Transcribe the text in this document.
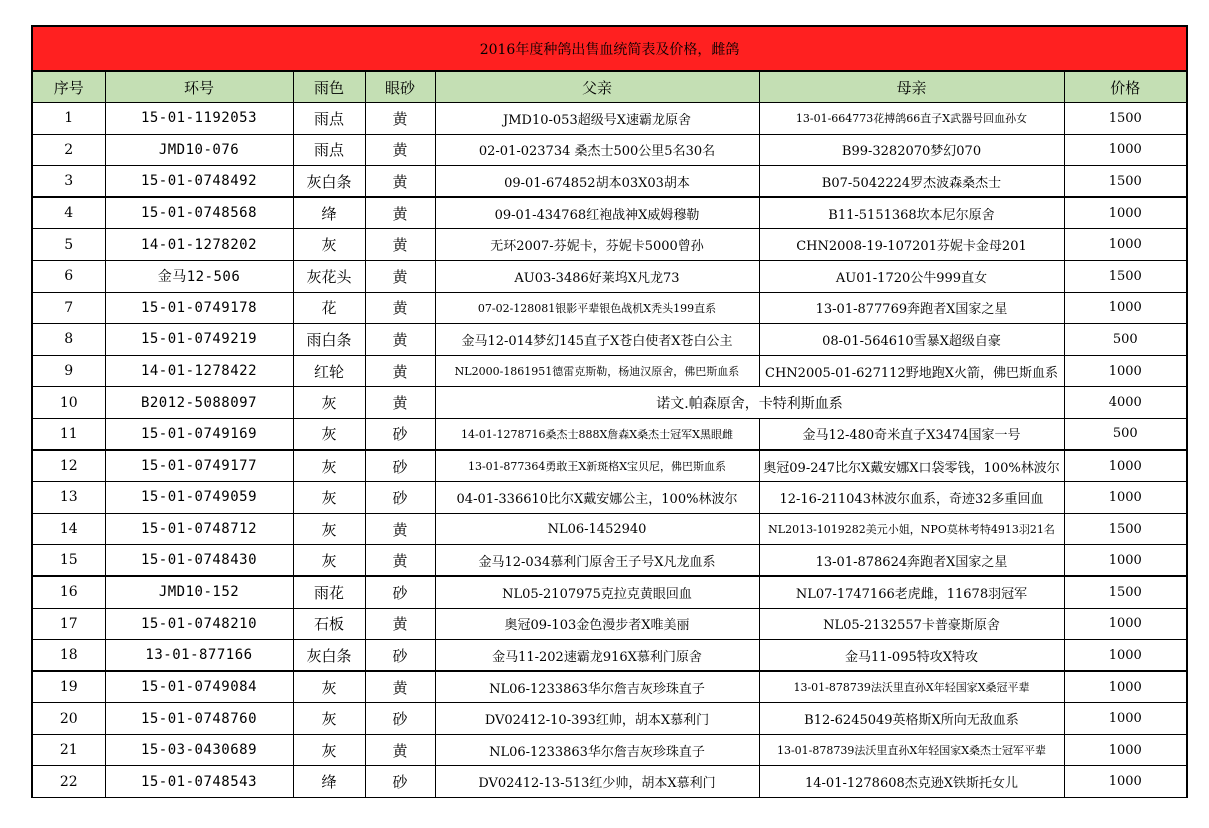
2016年度种鸽出售血统简表及价格，雌鸽						
序号	环号	雨色	眼砂	父亲	母亲	价格
1	15-01-1192053	雨点	黄	JMD10-053超级号X速霸龙原舍	13-01-664773花搏鸽66直子X武器号回血孙女	1500
2	JMD10-076	雨点	黄	02-01-023734 桑杰士500公里5名30名	B99-3282070梦幻070	1000
3	15-01-0748492	灰白条	黄	09-01-674852胡本03X03胡本	B07-5042224罗杰波森桑杰士	1500
4	15-01-0748568	绛	黄	09-01-434768红袍战神X威姆穆勒	B11-5151368坎本尼尔原舍	1000
5	14-01-1278202	灰	黄	无环2007-芬妮卡，芬妮卡5000曾孙	CHN2008-19-107201芬妮卡金母201	1000
6	金马12-506	灰花头	黄	AU03-3486好莱坞X凡龙73	AU01-1720公牛999直女	1500
7	15-01-0749178	花	黄	07-02-128081银影平辈银色战机X秃头199直系	13-01-877769奔跑者X国家之星	1000
8	15-01-0749219	雨白条	黄	金马12-014梦幻145直子X苍白使者X苍白公主	08-01-564610雪暴X超级自豪	500
9	14-01-1278422	红轮	黄	NL2000-1861951德雷克斯勒，杨迪汉原舍，佛巴斯血系	CHN2005-01-627112野地跑X火箭，佛巴斯血系	1000
10	B2012-5088097	灰	黄	诺文.帕森原舍，卡特利斯血系		4000
11	15-01-0749169	灰	砂	14-01-1278716桑杰士888X詹森X桑杰士冠军X黑眼雌	金马12-480奇米直子X3474国家一号	500
12	15-01-0749177	灰	砂	13-01-877364勇敢王X新斑格X宝贝尼，佛巴斯血系	奥冠09-247比尔X戴安娜X口袋零钱，100%林波尔	1000
13	15-01-0749059	灰	砂	04-01-336610比尔X戴安娜公主，100%林波尔	12-16-211043林波尔血系，奇迹32多重回血	1000
14	15-01-0748712	灰	黄	NL06-1452940	NL2013-1019282美元小姐，NPO莫林考特4913羽21名	1500
15	15-01-0748430	灰	黄	金马12-034慕利门原舍王子号X凡龙血系	13-01-878624奔跑者X国家之星	1000
16	JMD10-152	雨花	砂	NL05-2107975克拉克黄眼回血	NL07-1747166老虎雌，11678羽冠军	1500
17	15-01-0748210	石板	黄	奥冠09-103金色漫步者X唯美丽	NL05-2132557卡普豪斯原舍	1000
18	13-01-877166	灰白条	砂	金马11-202速霸龙916X慕利门原舍	金马11-095特攻X特攻	1000
19	15-01-0749084	灰	黄	NL06-1233863华尔詹吉灰珍珠直子	13-01-878739法沃里直孙X年轻国家X桑冠平辈	1000
20	15-01-0748760	灰	砂	DV02412-10-393红帅，胡本X慕利门	B12-6245049英格斯X所向无敌血系	1000
21	15-03-0430689	灰	黄	NL06-1233863华尔詹吉灰珍珠直子	13-01-878739法沃里直孙X年轻国家X桑杰士冠军平辈	1000
22	15-01-0748543	绛	砂	DV02412-13-513红少帅，胡本X慕利门	14-01-1278608杰克逊X铁斯托女儿	1000
